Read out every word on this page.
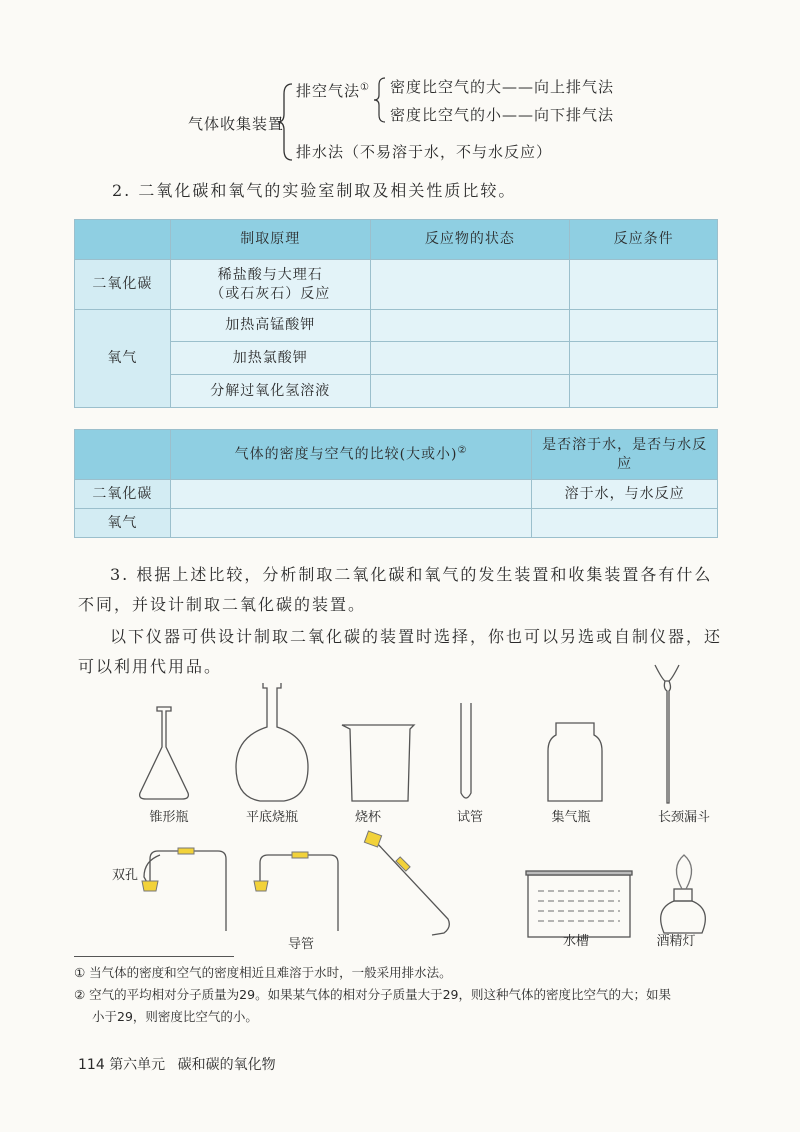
气体收集装置
排空气法① 密度比空气的大——向上排气法
密度比空气的小——向下排气法
排水法（不易溶于水，不与水反应）
2. 二氧化碳和氧气的实验室制取及相关性质比较。
	制取原理	反应物的状态	反应条件
二氧化碳	稀盐酸与大理石
（或石灰石）反应		

氧气	加热高锰酸钾		
	加热氯酸钾		
	分解过氧化氢溶液		
	气体的密度与空气的比较(大或小)②	是否溶于水，是否与水反应
二氧化碳		溶于水，与水反应
氧气		
3. 根据上述比较，分析制取二氧化碳和氧气的发生装置和收集装置各有什么不同，并设计制取二氧化碳的装置。
以下仪器可供设计制取二氧化碳的装置时选择，你也可以另选或自制仪器，还可以利用代用品。
锥形瓶	平底烧瓶	烧杯	试管	集气瓶	长颈漏斗
双孔
导管	水槽	酒精灯
① 当气体的密度和空气的密度相近且难溶于水时，一般采用排水法。
② 空气的平均相对分子质量为29。如果某气体的相对分子质量大于29，则这种气体的密度比空气的大；如果
小于29，则密度比空气的小。
114 第六单元 碳和碳的氧化物
